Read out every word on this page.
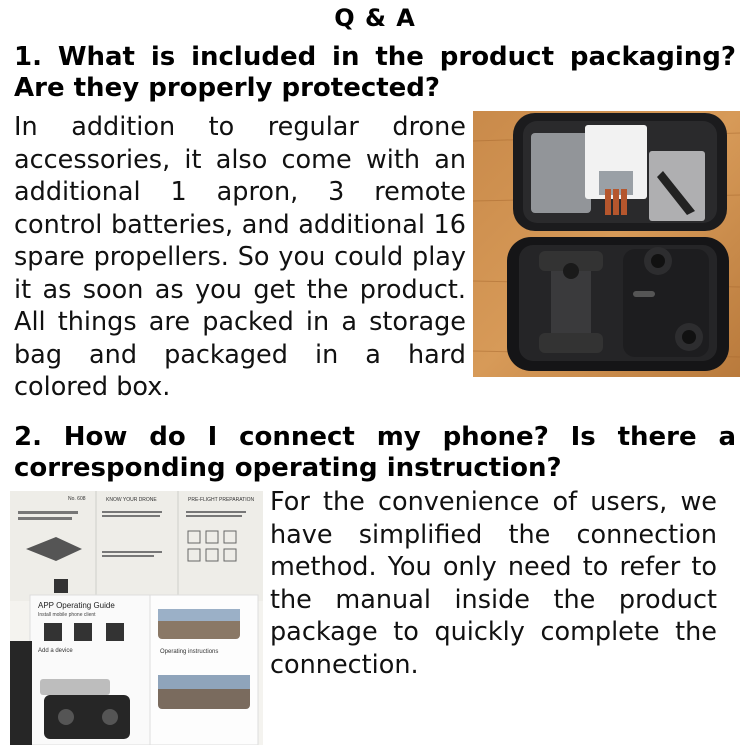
Q & A
1. What is included in the product packaging? Are they properly protected?
In addition to regular drone accessories, it also come with an additional 1 apron, 3 remote control batteries, and additional 16 spare propellers. So you could play it as soon as you get the product. All things are packed in a storage bag and packaged in a hard colored box.
2. How do I connect my phone? Is there a corresponding operating instruction?
No. 608	KNOW YOUR DRONE	PRE-FLIGHT PREPARATION
APP Operating Guide
Install mobile phone client
Add a device	Operating instructions
For the convenience of users, we have simplified the connection method. You only need to refer to the manual inside the product package to quickly complete the connection.
